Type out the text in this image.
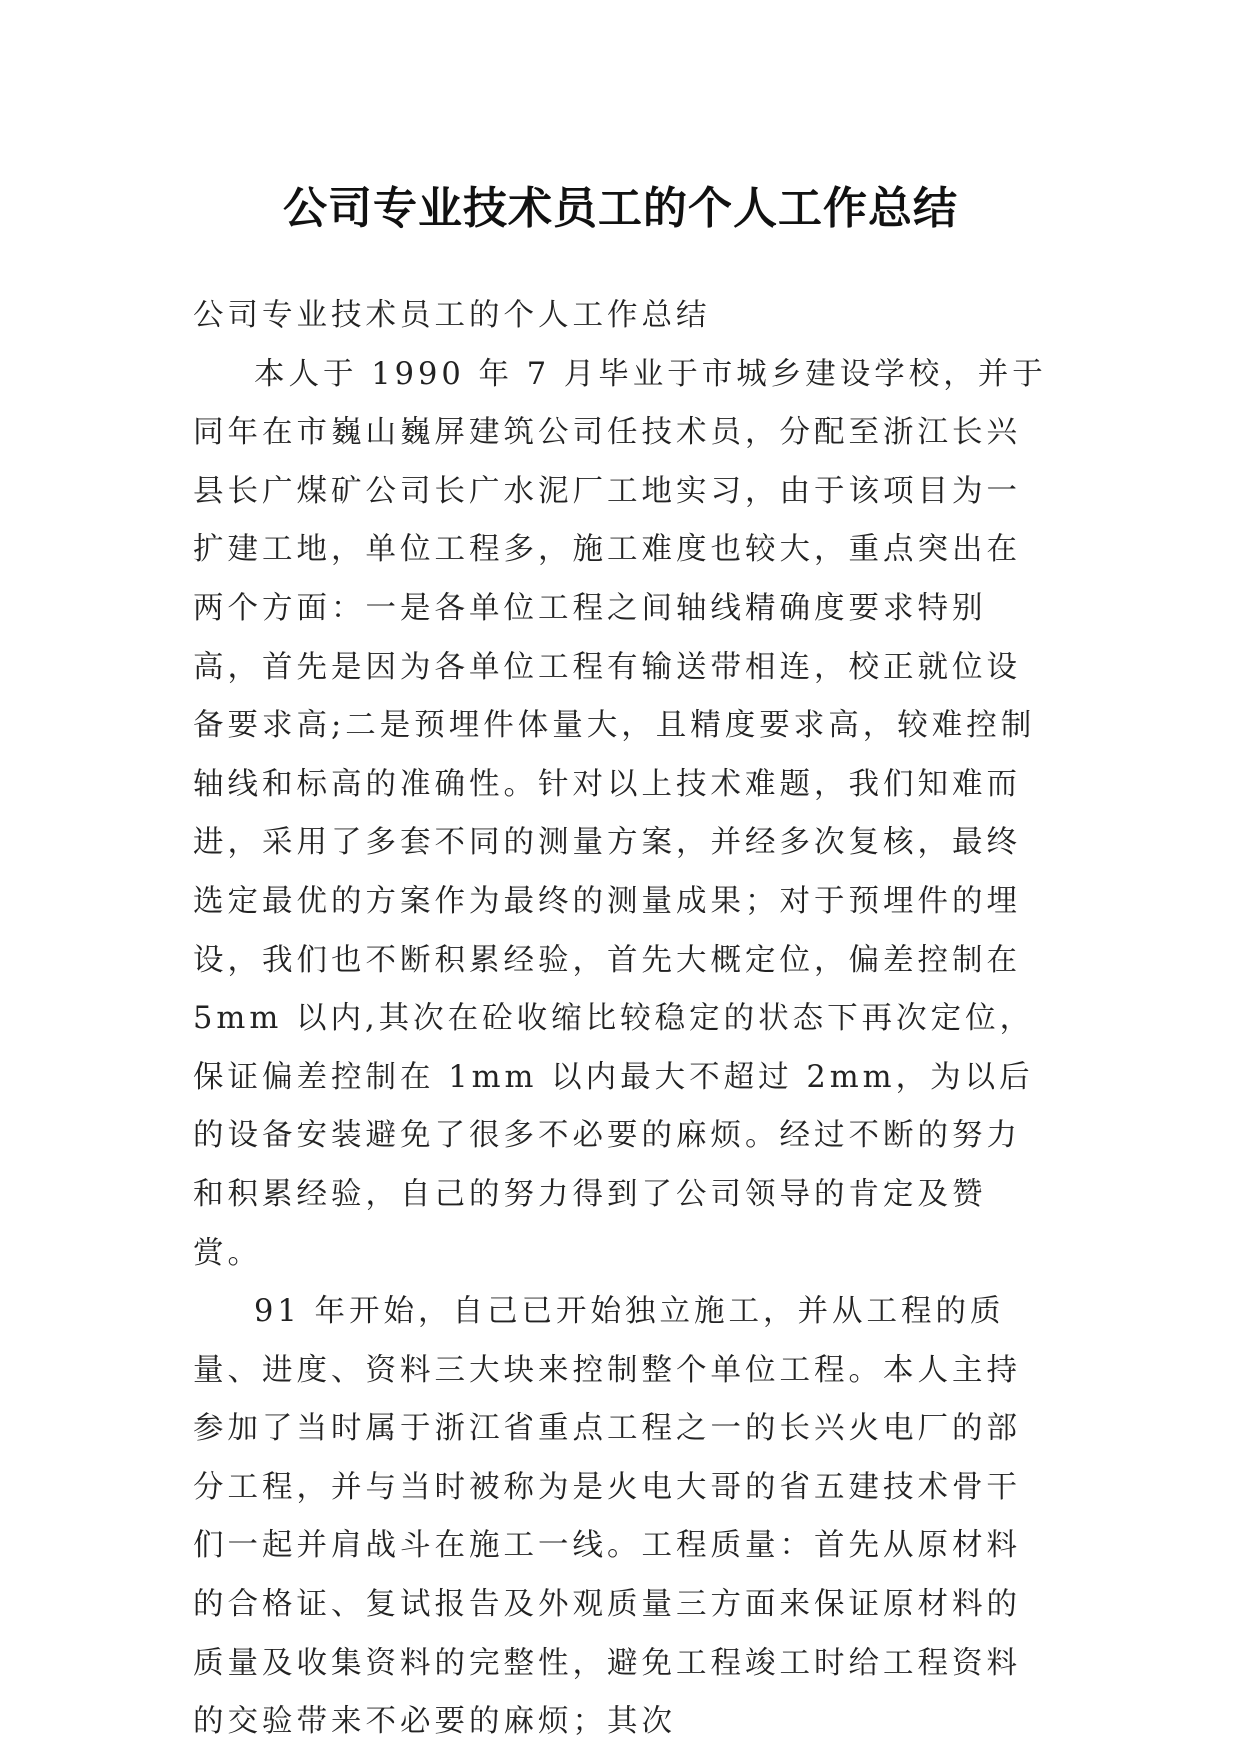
公司专业技术员工的个人工作总结

公司专业技术员工的个人工作总结

本人于 1990 年 7 月毕业于市城乡建设学校，并于同年在市巍山巍屏建筑公司任技术员，分配至浙江长兴县长广煤矿公司长广水泥厂工地实习，由于该项目为一扩建工地，单位工程多，施工难度也较大，重点突出在两个方面：一是各单位工程之间轴线精确度要求特别高，首先是因为各单位工程有输送带相连，校正就位设备要求高;二是预埋件体量大，且精度要求高，较难控制轴线和标高的准确性。针对以上技术难题，我们知难而进，采用了多套不同的测量方案，并经多次复核，最终选定最优的方案作为最终的测量成果；对于预埋件的埋设，我们也不断积累经验，首先大概定位，偏差控制在 5mm 以内,其次在砼收缩比较稳定的状态下再次定位，保证偏差控制在 1mm 以内最大不超过 2mm，为以后的设备安装避免了很多不必要的麻烦。经过不断的努力和积累经验，自己的努力得到了公司领导的肯定及赞赏。

91 年开始，自己已开始独立施工，并从工程的质量、进度、资料三大块来控制整个单位工程。本人主持参加了当时属于浙江省重点工程之一的长兴火电厂的部分工程，并与当时被称为是火电大哥的省五建技术骨干们一起并肩战斗在施工一线。工程质量：首先从原材料的合格证、复试报告及外观质量三方面来保证原材料的质量及收集资料的完整性，避免工程竣工时给工程资料的交验带来不必要的麻烦；其次
